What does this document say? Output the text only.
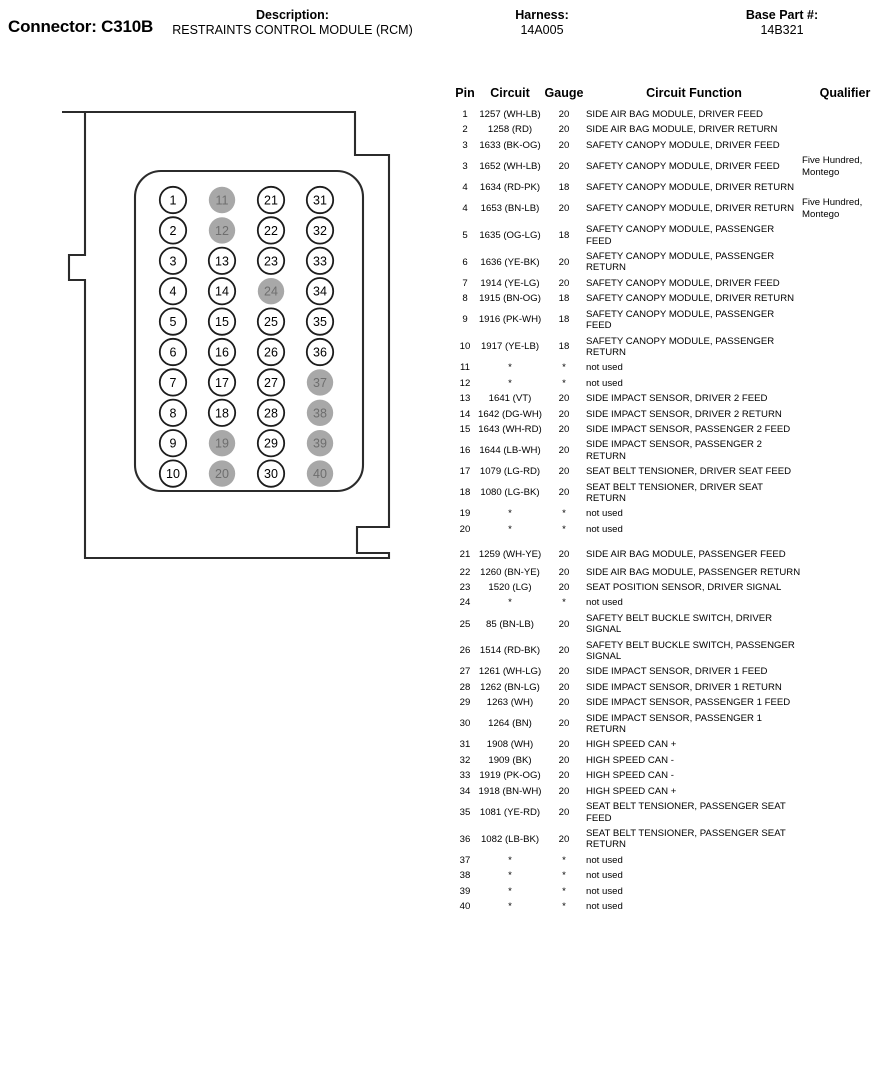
Connector: C310B
Description:
RESTRAINTS CONTROL MODULE (RCM)
Harness:
14A005
Base Part #:
14B321
1
2
3
4
5
6
7
8
9
10
11
12
13
14
15
16
17
18
19
20
21
22
23
24
25
26
27
28
29
30
31
32
33
34
35
36
37
38
39
40
Pin	Circuit	Gauge	Circuit Function	Qualifier
1	1257 (WH-LB)	20	SIDE AIR BAG MODULE, DRIVER FEED	
2	1258 (RD)	20	SIDE AIR BAG MODULE, DRIVER RETURN	
3	1633 (BK-OG)	20	SAFETY CANOPY MODULE, DRIVER FEED	
3	1652 (WH-LB)	20	SAFETY CANOPY MODULE, DRIVER FEED	Five Hundred, Montego
4	1634 (RD-PK)	18	SAFETY CANOPY MODULE, DRIVER RETURN	
4	1653 (BN-LB)	20	SAFETY CANOPY MODULE, DRIVER RETURN	Five Hundred, Montego
5	1635 (OG-LG)	18	SAFETY CANOPY MODULE, PASSENGER FEED	
6	1636 (YE-BK)	20	SAFETY CANOPY MODULE, PASSENGER RETURN	
7	1914 (YE-LG)	20	SAFETY CANOPY MODULE, DRIVER FEED	
8	1915 (BN-OG)	18	SAFETY CANOPY MODULE, DRIVER RETURN	
9	1916 (PK-WH)	18	SAFETY CANOPY MODULE, PASSENGER FEED	
10	1917 (YE-LB)	18	SAFETY CANOPY MODULE, PASSENGER RETURN	
11	*	*	not used	
12	*	*	not used	
13	1641 (VT)	20	SIDE IMPACT SENSOR, DRIVER 2 FEED	
14	1642 (DG-WH)	20	SIDE IMPACT SENSOR, DRIVER 2 RETURN	
15	1643 (WH-RD)	20	SIDE IMPACT SENSOR, PASSENGER 2 FEED	
16	1644 (LB-WH)	20	SIDE IMPACT SENSOR, PASSENGER 2 RETURN	
17	1079 (LG-RD)	20	SEAT BELT TENSIONER, DRIVER SEAT FEED	
18	1080 (LG-BK)	20	SEAT BELT TENSIONER, DRIVER SEAT RETURN	
19	*	*	not used	
20	*	*	not used	
21	1259 (WH-YE)	20	SIDE AIR BAG MODULE, PASSENGER FEED	
22	1260 (BN-YE)	20	SIDE AIR BAG MODULE, PASSENGER RETURN	
23	1520 (LG)	20	SEAT POSITION SENSOR, DRIVER SIGNAL	
24	*	*	not used	
25	85 (BN-LB)	20	SAFETY BELT BUCKLE SWITCH, DRIVER SIGNAL	
26	1514 (RD-BK)	20	SAFETY BELT BUCKLE SWITCH, PASSENGER SIGNAL	
27	1261 (WH-LG)	20	SIDE IMPACT SENSOR, DRIVER 1 FEED	
28	1262 (BN-LG)	20	SIDE IMPACT SENSOR, DRIVER 1 RETURN	
29	1263 (WH)	20	SIDE IMPACT SENSOR, PASSENGER 1 FEED	
30	1264 (BN)	20	SIDE IMPACT SENSOR, PASSENGER 1 RETURN	
31	1908 (WH)	20	HIGH SPEED CAN +	
32	1909 (BK)	20	HIGH SPEED CAN -	
33	1919 (PK-OG)	20	HIGH SPEED CAN -	
34	1918 (BN-WH)	20	HIGH SPEED CAN +	
35	1081 (YE-RD)	20	SEAT BELT TENSIONER, PASSENGER SEAT FEED	
36	1082 (LB-BK)	20	SEAT BELT TENSIONER, PASSENGER SEAT RETURN	
37	*	*	not used	
38	*	*	not used	
39	*	*	not used	
40	*	*	not used	
